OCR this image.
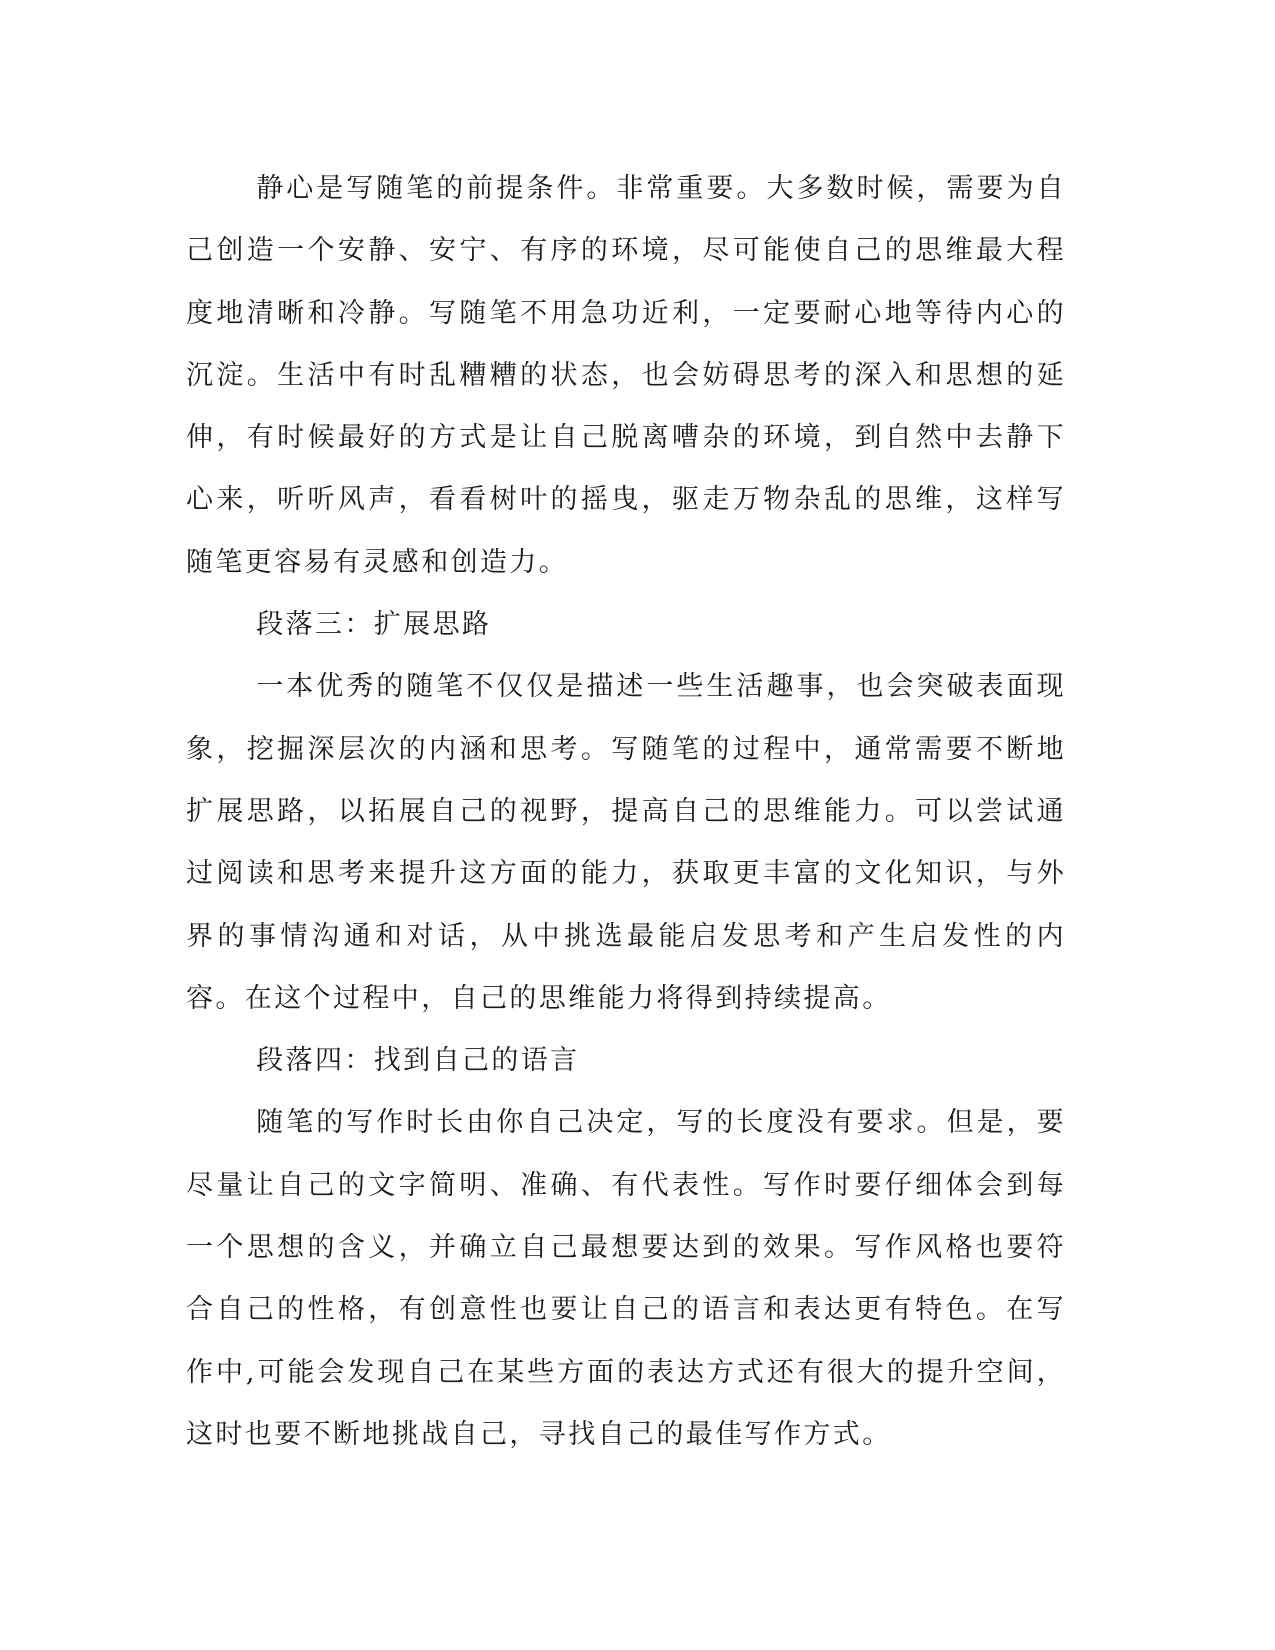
静心是写随笔的前提条件。非常重要。大多数时候，需要为自己创造一个安静、安宁、有序的环境，尽可能使自己的思维最大程度地清晰和冷静。写随笔不用急功近利，一定要耐心地等待内心的沉淀。生活中有时乱糟糟的状态，也会妨碍思考的深入和思想的延伸，有时候最好的方式是让自己脱离嘈杂的环境，到自然中去静下心来，听听风声，看看树叶的摇曳，驱走万物杂乱的思维，这样写随笔更容易有灵感和创造力。

段落三：扩展思路

一本优秀的随笔不仅仅是描述一些生活趣事，也会突破表面现象，挖掘深层次的内涵和思考。写随笔的过程中，通常需要不断地扩展思路，以拓展自己的视野，提高自己的思维能力。可以尝试通过阅读和思考来提升这方面的能力，获取更丰富的文化知识，与外界的事情沟通和对话，从中挑选最能启发思考和产生启发性的内容。在这个过程中，自己的思维能力将得到持续提高。

段落四：找到自己的语言

随笔的写作时长由你自己决定，写的长度没有要求。但是，要尽量让自己的文字简明、准确、有代表性。写作时要仔细体会到每一个思想的含义，并确立自己最想要达到的效果。写作风格也要符合自己的性格，有创意性也要让自己的语言和表达更有特色。在写作中,可能会发现自己在某些方面的表达方式还有很大的提升空间，这时也要不断地挑战自己，寻找自己的最佳写作方式。
